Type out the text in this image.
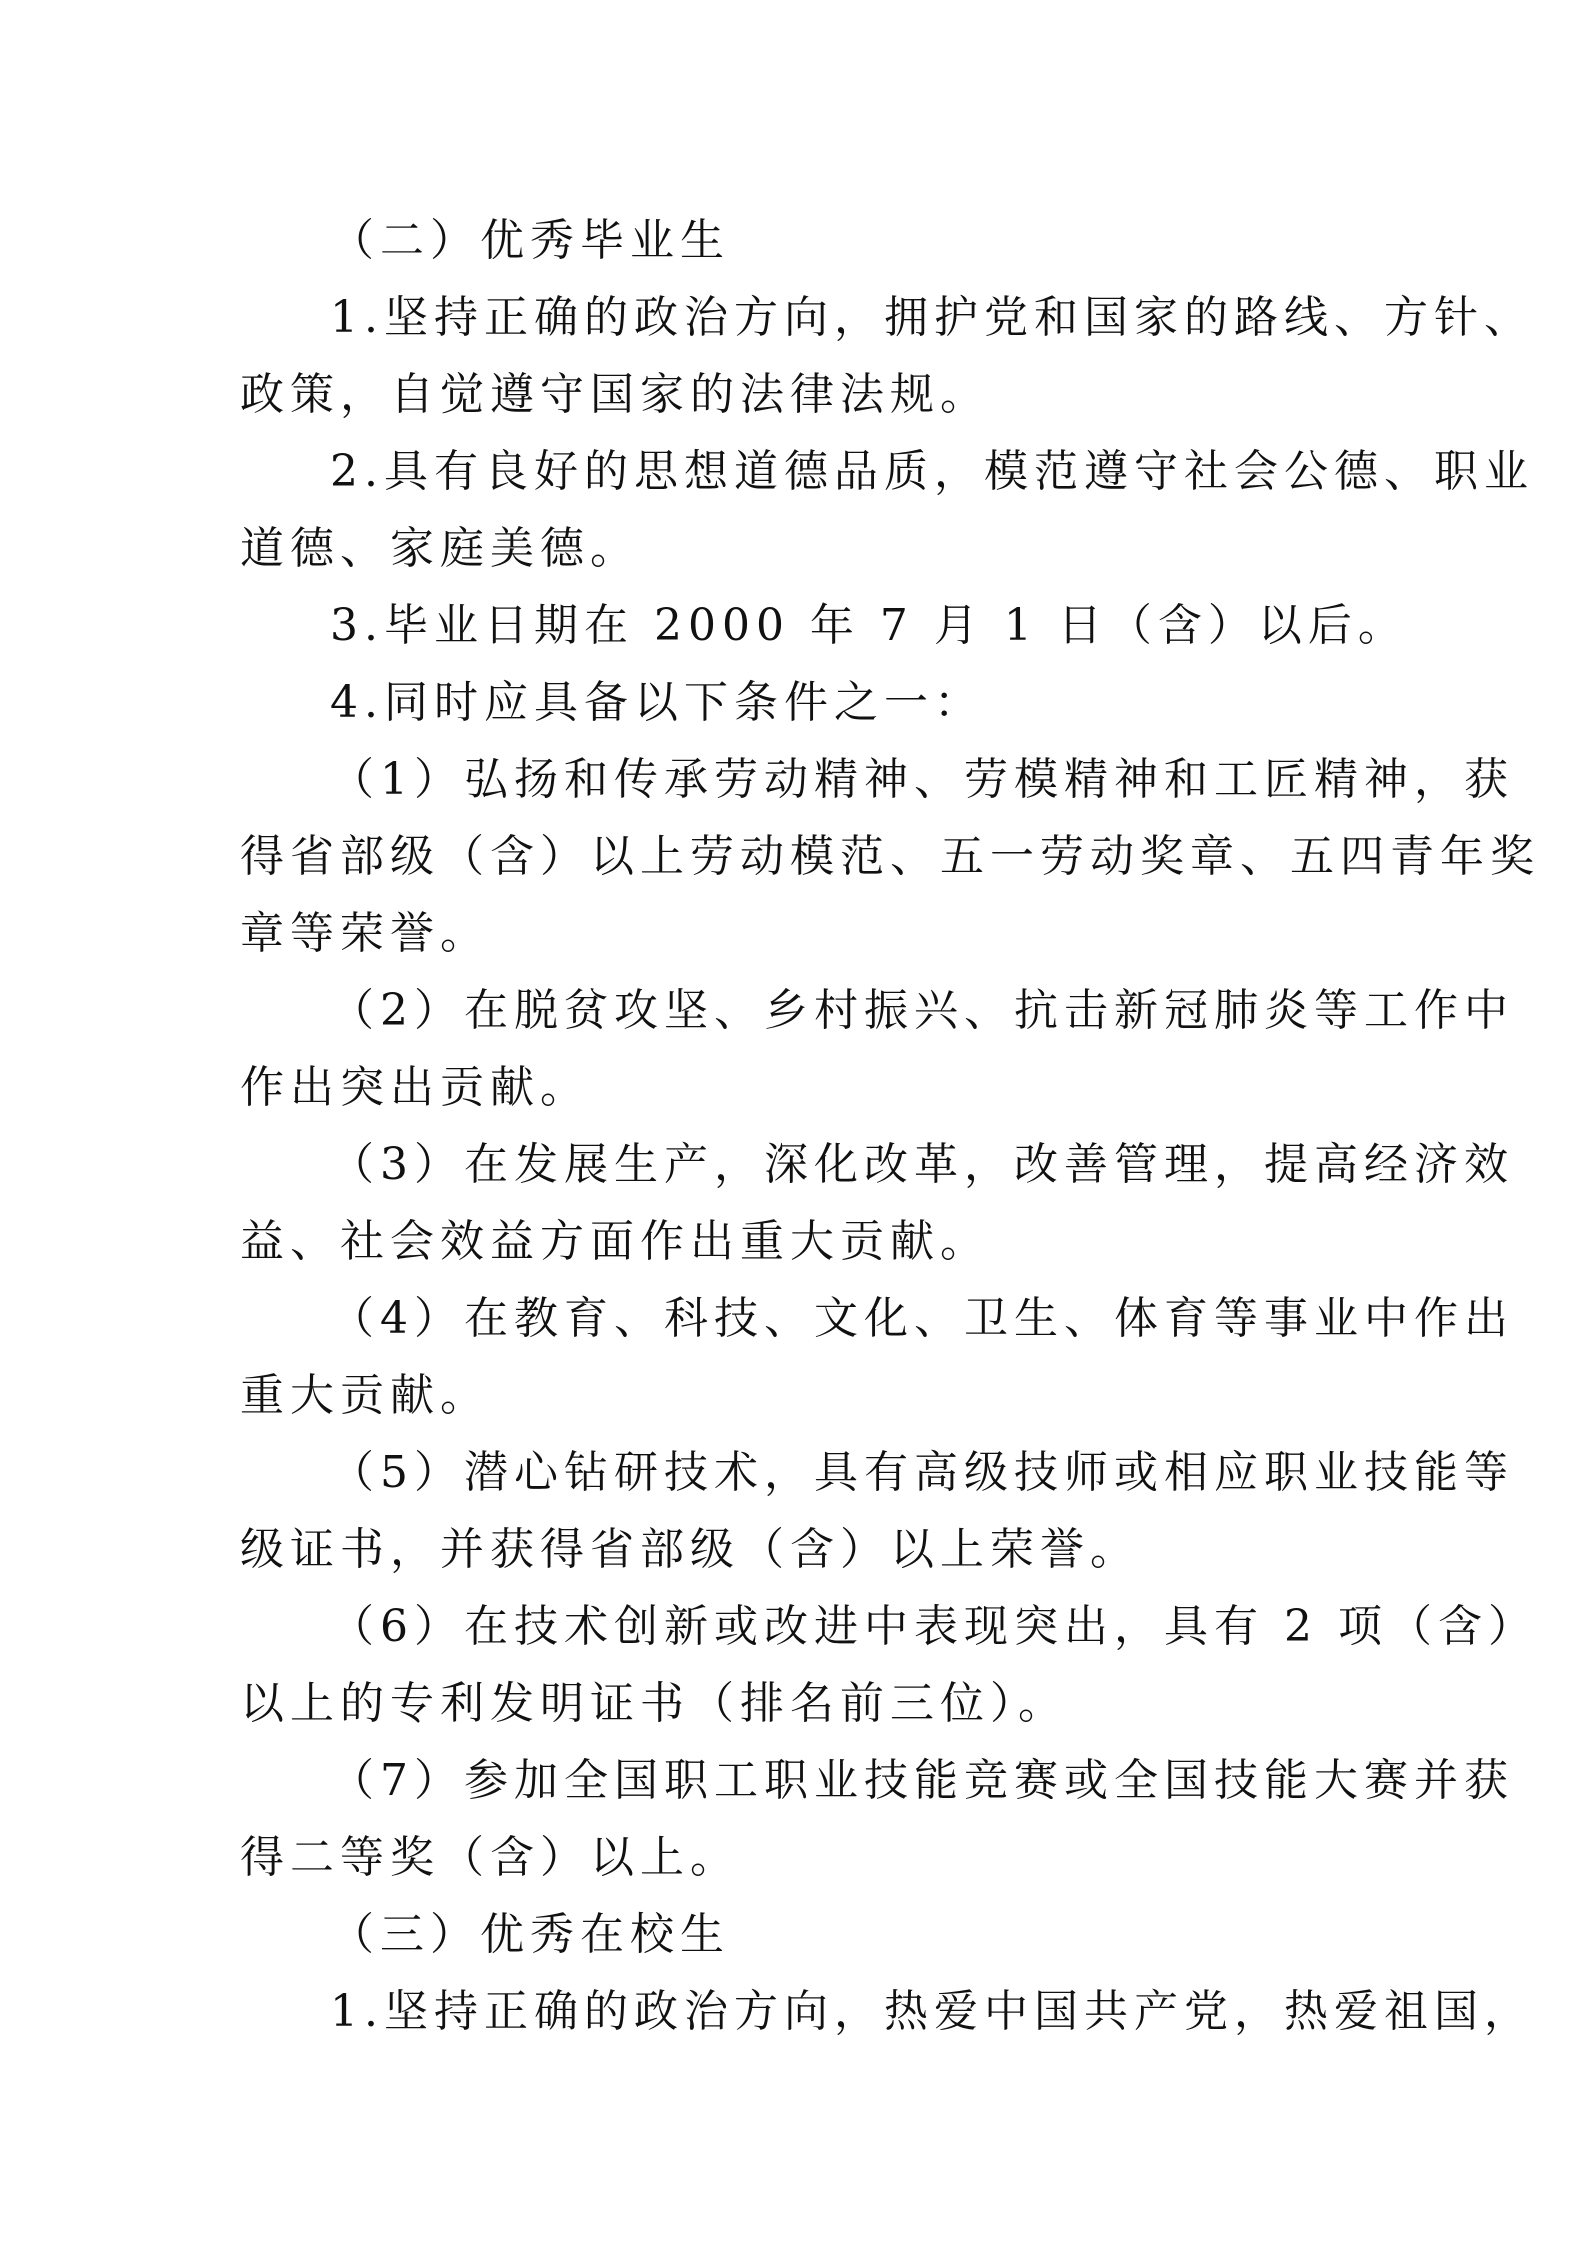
（二）优秀毕业生
1.坚持正确的政治方向，拥护党和国家的路线、方针、
政策，自觉遵守国家的法律法规。
2.具有良好的思想道德品质，模范遵守社会公德、职业
道德、家庭美德。
3.毕业日期在 2000 年 7 月 1 日（含）以后。
4.同时应具备以下条件之一：
（1）弘扬和传承劳动精神、劳模精神和工匠精神，获
得省部级（含）以上劳动模范、五一劳动奖章、五四青年奖
章等荣誉。
（2）在脱贫攻坚、乡村振兴、抗击新冠肺炎等工作中
作出突出贡献。
（3）在发展生产，深化改革，改善管理，提高经济效
益、社会效益方面作出重大贡献。
（4）在教育、科技、文化、卫生、体育等事业中作出
重大贡献。
（5）潜心钻研技术，具有高级技师或相应职业技能等
级证书，并获得省部级（含）以上荣誉。
（6）在技术创新或改进中表现突出，具有 2 项（含）
以上的专利发明证书（排名前三位）。
（7）参加全国职工职业技能竞赛或全国技能大赛并获
得二等奖（含）以上。
（三）优秀在校生
1.坚持正确的政治方向，热爱中国共产党，热爱祖国，
